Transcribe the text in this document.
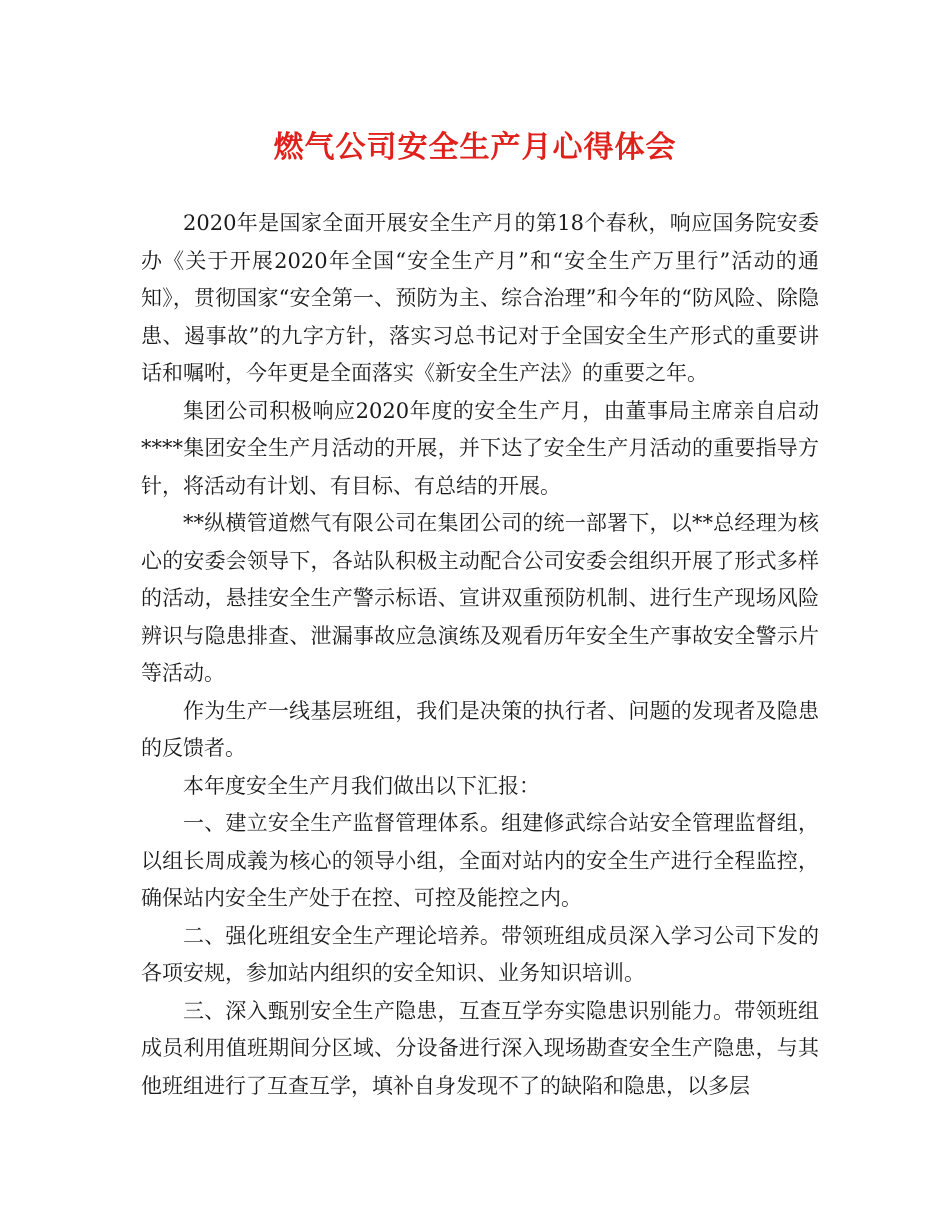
燃气公司安全生产月心得体会

2020年是国家全面开展安全生产月的第18个春秋，响应国务院安委办《关于开展2020年全国“安全生产月”和“安全生产万里行”活动的通知》，贯彻国家“安全第一、预防为主、综合治理”和今年的“防风险、除隐患、遏事故”的九字方针，落实习总书记对于全国安全生产形式的重要讲话和嘱咐，今年更是全面落实《新安全生产法》的重要之年。

集团公司积极响应2020年度的安全生产月，由董事局主席亲自启动****集团安全生产月活动的开展，并下达了安全生产月活动的重要指导方针，将活动有计划、有目标、有总结的开展。

**纵横管道燃气有限公司在集团公司的统一部署下，以**总经理为核心的安委会领导下，各站队积极主动配合公司安委会组织开展了形式多样的活动，悬挂安全生产警示标语、宣讲双重预防机制、进行生产现场风险辨识与隐患排查、泄漏事故应急演练及观看历年安全生产事故安全警示片等活动。

作为生产一线基层班组，我们是决策的执行者、问题的发现者及隐患的反馈者。

本年度安全生产月我们做出以下汇报：

一、建立安全生产监督管理体系。组建修武综合站安全管理监督组，以组长周成義为核心的领导小组，全面对站内的安全生产进行全程监控，确保站内安全生产处于在控、可控及能控之内。

二、强化班组安全生产理论培养。带领班组成员深入学习公司下发的各项安规，参加站内组织的安全知识、业务知识培训。

三、深入甄别安全生产隐患，互查互学夯实隐患识别能力。带领班组成员利用值班期间分区域、分设备进行深入现场勘查安全生产隐患，与其他班组进行了互查互学，填补自身发现不了的缺陷和隐患，以多层
